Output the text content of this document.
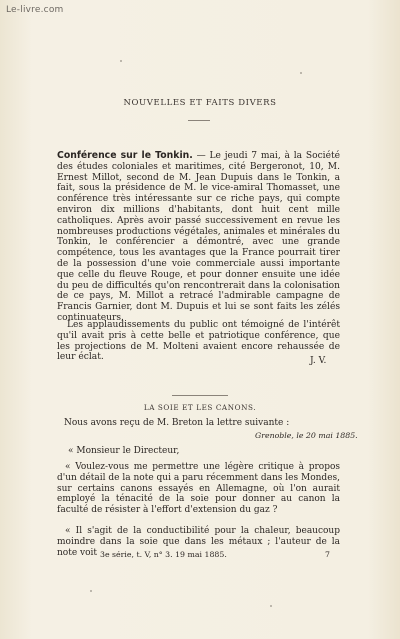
Le-livre.com
NOUVELLES ET FAITS DIVERS
Conférence sur le Tonkin. — Le jeudi 7 mai, à la Société des études coloniales et maritimes, cité Bergeronot, 10, M. Ernest Millot, second de M. Jean Dupuis dans le Tonkin, a fait, sous la présidence de M. le vice-amiral Thomasset, une conférence très intéressante sur ce riche pays, qui compte environ dix millions d'habitants, dont huit cent mille catholiques. Après avoir passé successivement en revue les nombreuses productions végétales, animales et minérales du Tonkin, le conférencier a démontré, avec une grande compétence, tous les avantages que la France pourrait tirer de la possession d'une voie commerciale aussi importante que celle du fleuve Rouge, et pour donner ensuite une idée du peu de difficultés qu'on rencontrerait dans la colonisation de ce pays, M. Millot a retracé l'admirable campagne de Francis Garnier, dont M. Dupuis et lui se sont faits les zélés continuateurs.
Les applaudissements du public ont témoigné de l'intérêt qu'il avait pris à cette belle et patriotique conférence, que les projections de M. Molteni avaient encore rehaussée de leur éclat.	J. V.
LA SOIE ET LES CANONS.
Nous avons reçu de M. Breton la lettre suivante :
Grenoble, le 20 mai 1885.
« Monsieur le Directeur,
« Voulez-vous me permettre une légère critique à propos d'un détail de la note qui a paru récemment dans les Mondes, sur certains canons essayés en Allemagne, où l'on aurait employé la ténacité de la soie pour donner au canon la faculté de résister à l'effort d'extension du gaz ?
« Il s'agit de la conductibilité pour la chaleur, beaucoup moindre dans la soie que dans les métaux ; l'auteur de la note voit 3e série, t. V, n° 3. 19 mai 1885.	7
